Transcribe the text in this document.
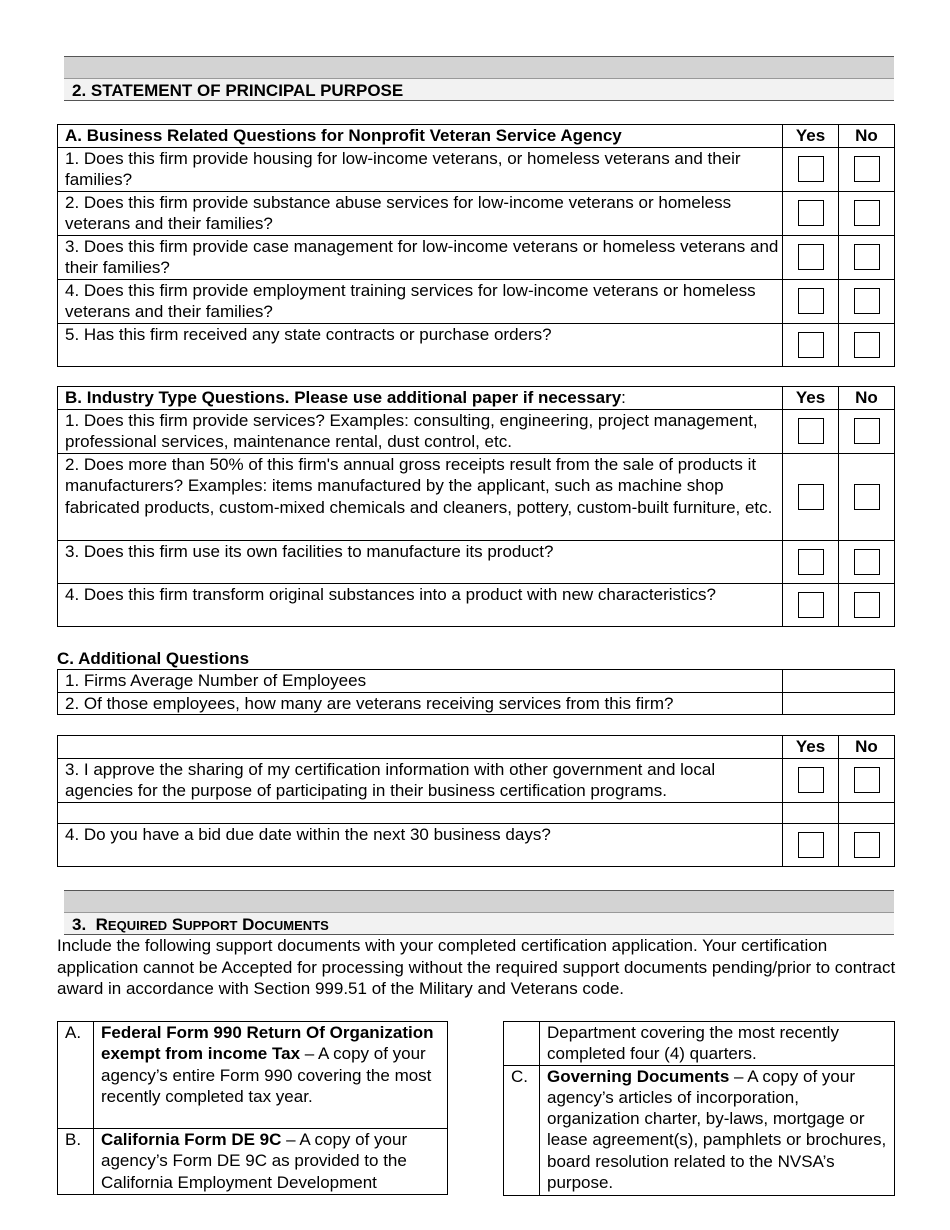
2. STATEMENT OF PRINCIPAL PURPOSE
A. Business Related Questions for Nonprofit Veteran Service Agency	Yes	No
1. Does this firm provide housing for low-income veterans, or homeless veterans and their families?		
2. Does this firm provide substance abuse services for low-income veterans or homeless veterans and their families?		
3. Does this firm provide case management for low-income veterans or homeless veterans and their families?		
4. Does this firm provide employment training services for low-income veterans or homeless veterans and their families?		
5. Has this firm received any state contracts or purchase orders?		
B. Industry Type Questions. Please use additional paper if necessary:	Yes	No
1. Does this firm provide services? Examples: consulting, engineering, project management, professional services, maintenance rental, dust control, etc.		
2. Does more than 50% of this firm's annual gross receipts result from the sale of products it manufacturers? Examples: items manufactured by the applicant, such as machine shop fabricated products, custom-mixed chemicals and cleaners, pottery, custom-built furniture, etc.		
3. Does this firm use its own facilities to manufacture its product?		
4. Does this firm transform original substances into a product with new characteristics?		
C. Additional Questions
1. Firms Average Number of Employees	
2. Of those employees, how many are veterans receiving services from this firm?	
	Yes	No
3. I approve the sharing of my certification information with other government and local agencies for the purpose of participating in their business certification programs.		

4. Do you have a bid due date within the next 30 business days?		
3. REQUIRED SUPPORT DOCUMENTS
Include the following support documents with your completed certification application. Your certification application cannot be Accepted for processing without the required support documents pending/prior to contract award in accordance with Section 999.51 of the Military and Veterans code.
A.	Federal Form 990 Return Of Organization exempt from income Tax – A copy of your agency’s entire Form 990 covering the most recently completed tax year.
B.	California Form DE 9C – A copy of your agency’s Form DE 9C as provided to the California Employment Development
	Department covering the most recently completed four (4) quarters.
C.	Governing Documents – A copy of your agency’s articles of incorporation, organization charter, by-laws, mortgage or lease agreement(s), pamphlets or brochures, board resolution related to the NVSA’s purpose.
